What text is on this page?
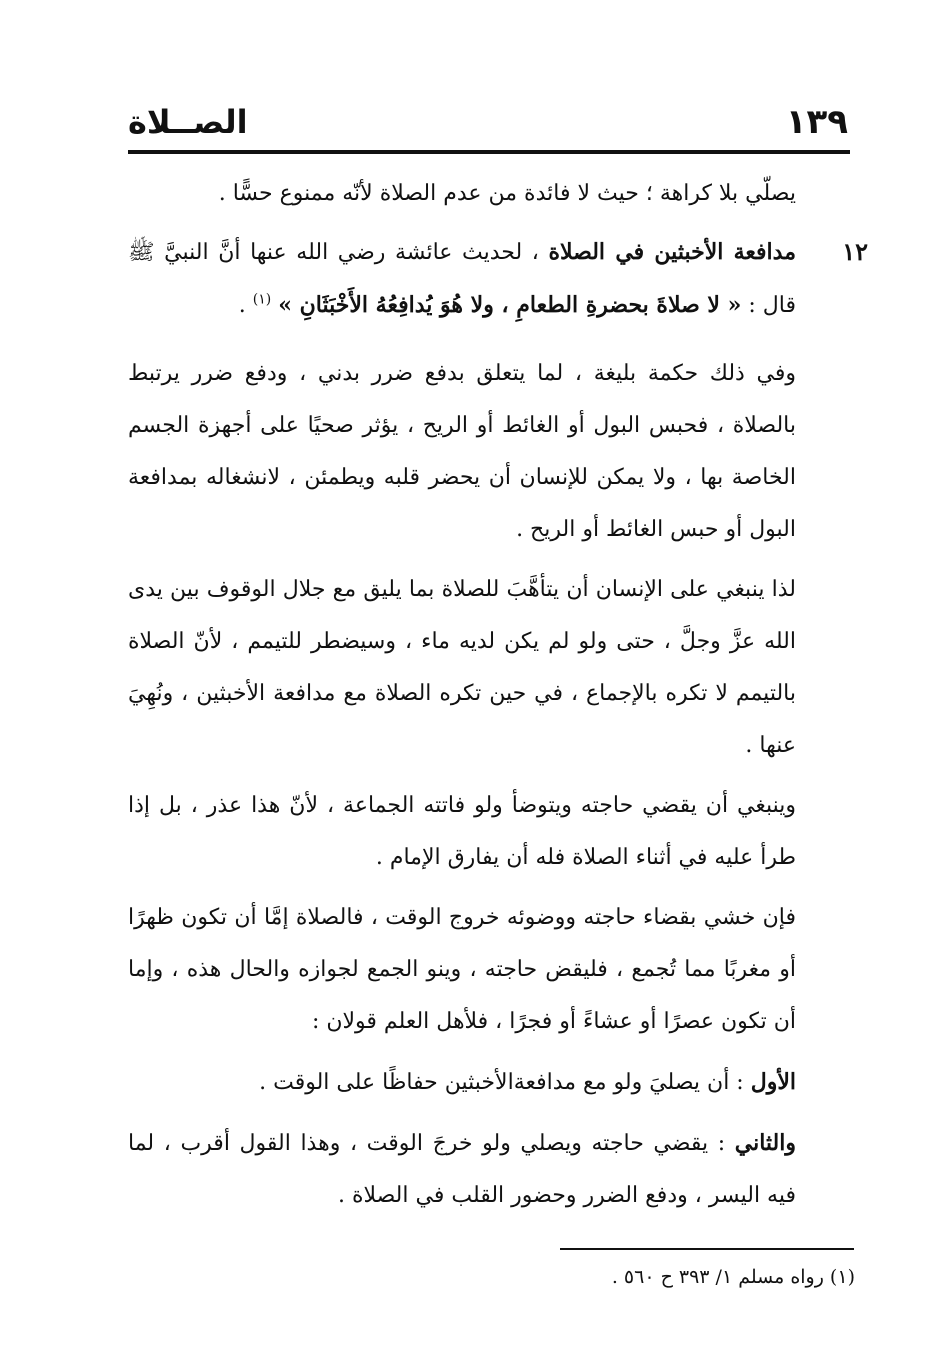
١٣٩
الصــلاة

يصلّي بلا كراهة ؛ حيث لا فائدة من عدم الصلاة لأنّه ممنوع حسًّا .

١٢
مدافعة الأخبثين في الصلاة ، لحديث عائشة رضي الله عنها أنَّ النبيَّ ﷺ قال : « لا صلاةَ بحضرةِ الطعامِ ، ولا هُوَ يُدافِعُهُ الأَخْبَثَانِ » $^{(١)}$ .

وفي ذلك حكمة بليغة ، لما يتعلق بدفع ضرر بدني ، ودفع ضرر يرتبط بالصلاة ، فحبس البول أو الغائط أو الريح ، يؤثر صحيًا على أجهزة الجسم الخاصة بها ، ولا يمكن للإنسان أن يحضر قلبه ويطمئن ، لانشغاله بمدافعة البول أو حبس الغائط أو الريح .

لذا ينبغي على الإنسان أن يتأهَّبَ للصلاة بما يليق مع جلال الوقوف بين يدى الله عزَّ وجلَّ ، حتى ولو لم يكن لديه ماء ، وسيضطر للتيمم ، لأنّ الصلاة بالتيمم لا تكره بالإجماع ، في حين تكره الصلاة مع مدافعة الأخبثين ، ونُهِيَ عنها .

وينبغي أن يقضي حاجته ويتوضأ ولو فاتته الجماعة ، لأنّ هذا عذر ، بل إذا طرأ عليه في أثناء الصلاة فله أن يفارق الإمام .

فإن خشي بقضاء حاجته ووضوئه خروج الوقت ، فالصلاة إمَّا أن تكون ظهرًا أو مغربًا مما تُجمع ، فليقض حاجته ، وينو الجمع لجوازه والحال هذه ، وإما أن تكون عصرًا أو عشاءً أو فجرًا ، فلأهل العلم قولان :

الأول : أن يصليَ ولو مع مدافعةالأخبثين حفاظًا على الوقت .

والثاني : يقضي حاجته ويصلي ولو خرجَ الوقت ، وهذا القول أقرب ، لما فيه اليسر ، ودفع الضرر وحضور القلب في الصلاة .

(١) رواه مسلم ١/ ٣٩٣ ح ٥٦٠ .
